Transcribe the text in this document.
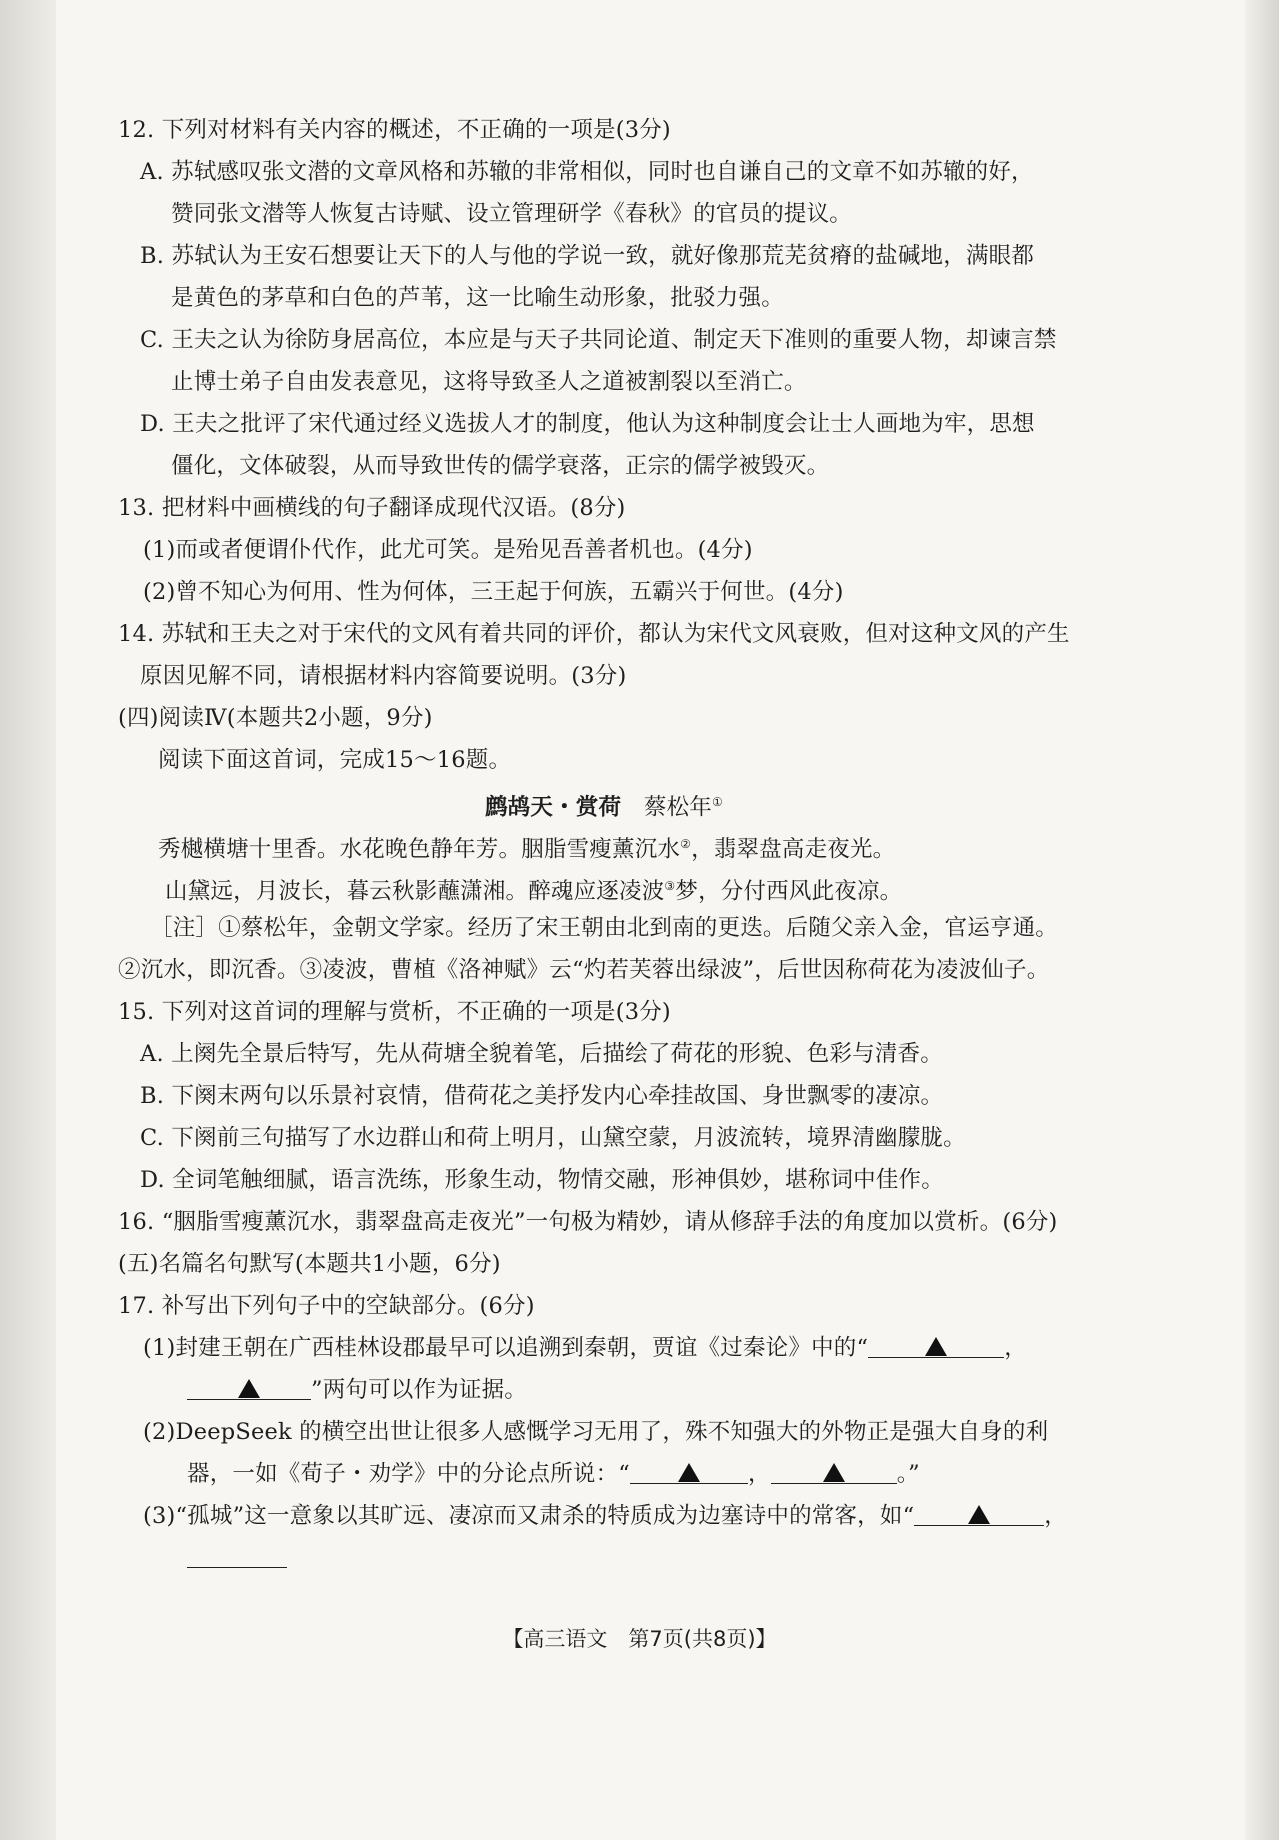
12. 下列对材料有关内容的概述，不正确的一项是(3分)
A. 苏轼感叹张文潜的文章风格和苏辙的非常相似，同时也自谦自己的文章不如苏辙的好，
赞同张文潜等人恢复古诗赋、设立管理研学《春秋》的官员的提议。
B. 苏轼认为王安石想要让天下的人与他的学说一致，就好像那荒芜贫瘠的盐碱地，满眼都
是黄色的茅草和白色的芦苇，这一比喻生动形象，批驳力强。
C. 王夫之认为徐防身居高位，本应是与天子共同论道、制定天下准则的重要人物，却谏言禁
止博士弟子自由发表意见，这将导致圣人之道被割裂以至消亡。
D. 王夫之批评了宋代通过经义选拔人才的制度，他认为这种制度会让士人画地为牢，思想
僵化，文体破裂，从而导致世传的儒学衰落，正宗的儒学被毁灭。
13. 把材料中画横线的句子翻译成现代汉语。(8分)
(1)而或者便谓仆代作，此尤可笑。是殆见吾善者机也。(4分)
(2)曾不知心为何用、性为何体，三王起于何族，五霸兴于何世。(4分)
14. 苏轼和王夫之对于宋代的文风有着共同的评价，都认为宋代文风衰败，但对这种文风的产生
原因见解不同，请根据材料内容简要说明。(3分)
(四)阅读Ⅳ(本题共2小题，9分)
阅读下面这首词，完成15～16题。
鹧鸪天・赏荷　 蔡松年①
秀樾横塘十里香。水花晚色静年芳。胭脂雪瘦薰沉水②，翡翠盘高走夜光。
山黛远，月波长，暮云秋影蘸潇湘。醉魂应逐凌波③梦，分付西风此夜凉。
［注］①蔡松年，金朝文学家。经历了宋王朝由北到南的更迭。后随父亲入金，官运亨通。
②沉水，即沉香。③凌波，曹植《洛神赋》云“灼若芙蓉出绿波”，后世因称荷花为凌波仙子。
15. 下列对这首词的理解与赏析，不正确的一项是(3分)
A. 上阕先全景后特写，先从荷塘全貌着笔，后描绘了荷花的形貌、色彩与清香。
B. 下阕末两句以乐景衬哀情，借荷花之美抒发内心牵挂故国、身世飘零的凄凉。
C. 下阕前三句描写了水边群山和荷上明月，山黛空蒙，月波流转，境界清幽朦胧。
D. 全词笔触细腻，语言洗练，形象生动，物情交融，形神俱妙，堪称词中佳作。
16. “胭脂雪瘦薰沉水，翡翠盘高走夜光”一句极为精妙，请从修辞手法的角度加以赏析。(6分)
(五)名篇名句默写(本题共1小题，6分)
17. 补写出下列句子中的空缺部分。(6分)
(1)封建王朝在广西桂林设郡最早可以追溯到秦朝，贾谊《过秦论》中的“	，
”两句可以作为证据。
(2)DeepSeek 的横空出世让很多人感慨学习无用了，殊不知强大的外物正是强大自身的利
器，一如《荀子・劝学》中的分论点所说：“	，	。”
(3)“孤城”这一意象以其旷远、凄凉而又肃杀的特质成为边塞诗中的常客，如“	，
【高三语文　第7页(共8页)】
